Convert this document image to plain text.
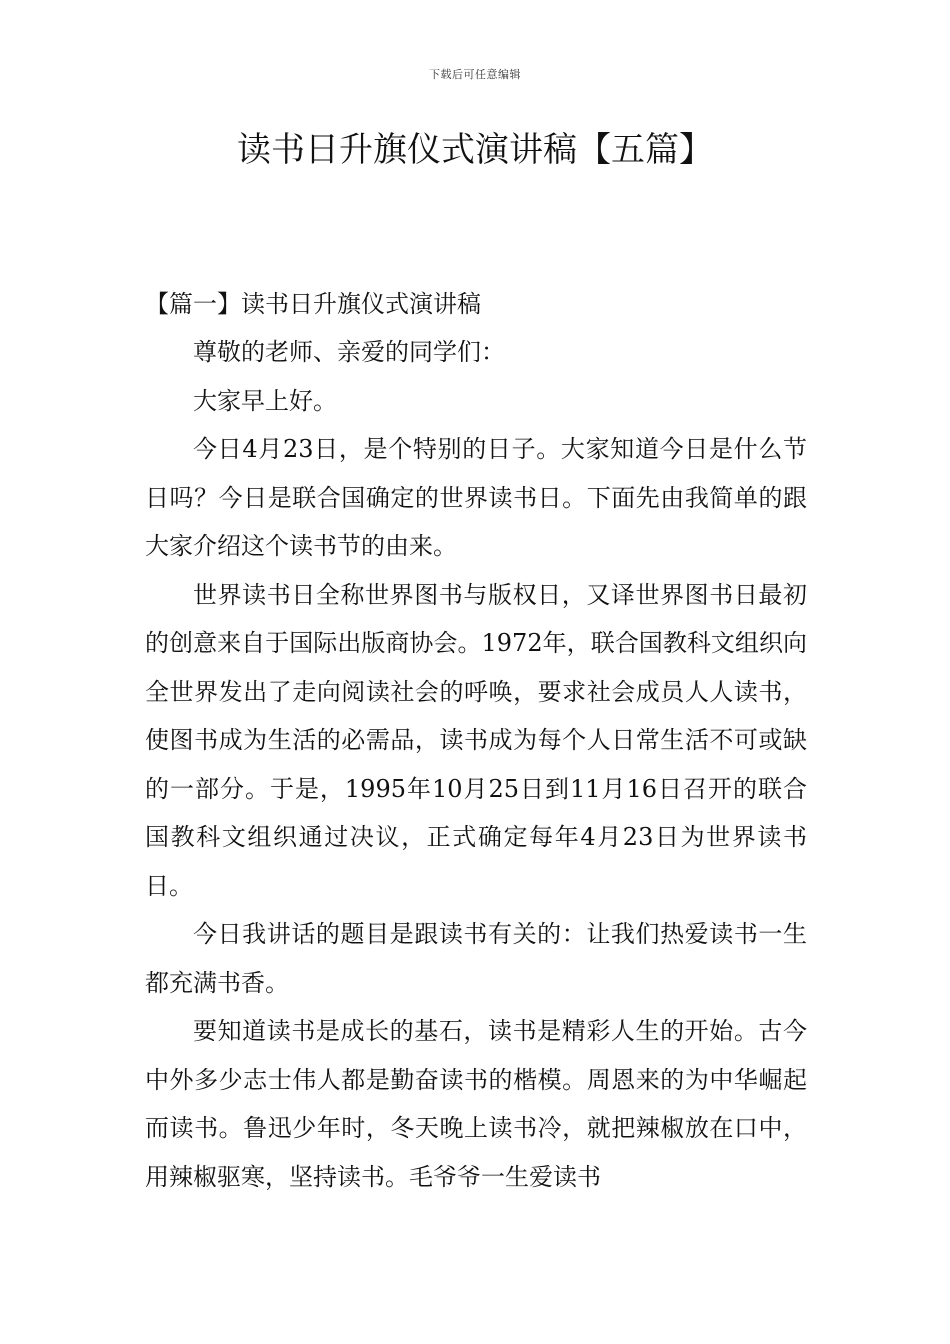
下载后可任意编辑
读书日升旗仪式演讲稿【五篇】

【篇一】读书日升旗仪式演讲稿

尊敬的老师、亲爱的同学们：

大家早上好。

今日4月23日，是个特别的日子。大家知道今日是什么节日吗？今日是联合国确定的世界读书日。下面先由我简单的跟大家介绍这个读书节的由来。

世界读书日全称世界图书与版权日，又译世界图书日最初的创意来自于国际出版商协会。1972年，联合国教科文组织向全世界发出了走向阅读社会的呼唤，要求社会成员人人读书，使图书成为生活的必需品，读书成为每个人日常生活不可或缺的一部分。于是，1995年10月25日到11月16日召开的联合国教科文组织通过决议，正式确定每年4月23日为世界读书日。

今日我讲话的题目是跟读书有关的：让我们热爱读书一生都充满书香。

要知道读书是成长的基石，读书是精彩人生的开始。古今中外多少志士伟人都是勤奋读书的楷模。周恩来的为中华崛起而读书。鲁迅少年时，冬天晚上读书冷，就把辣椒放在口中，用辣椒驱寒，坚持读书。毛爷爷一生爱读书
